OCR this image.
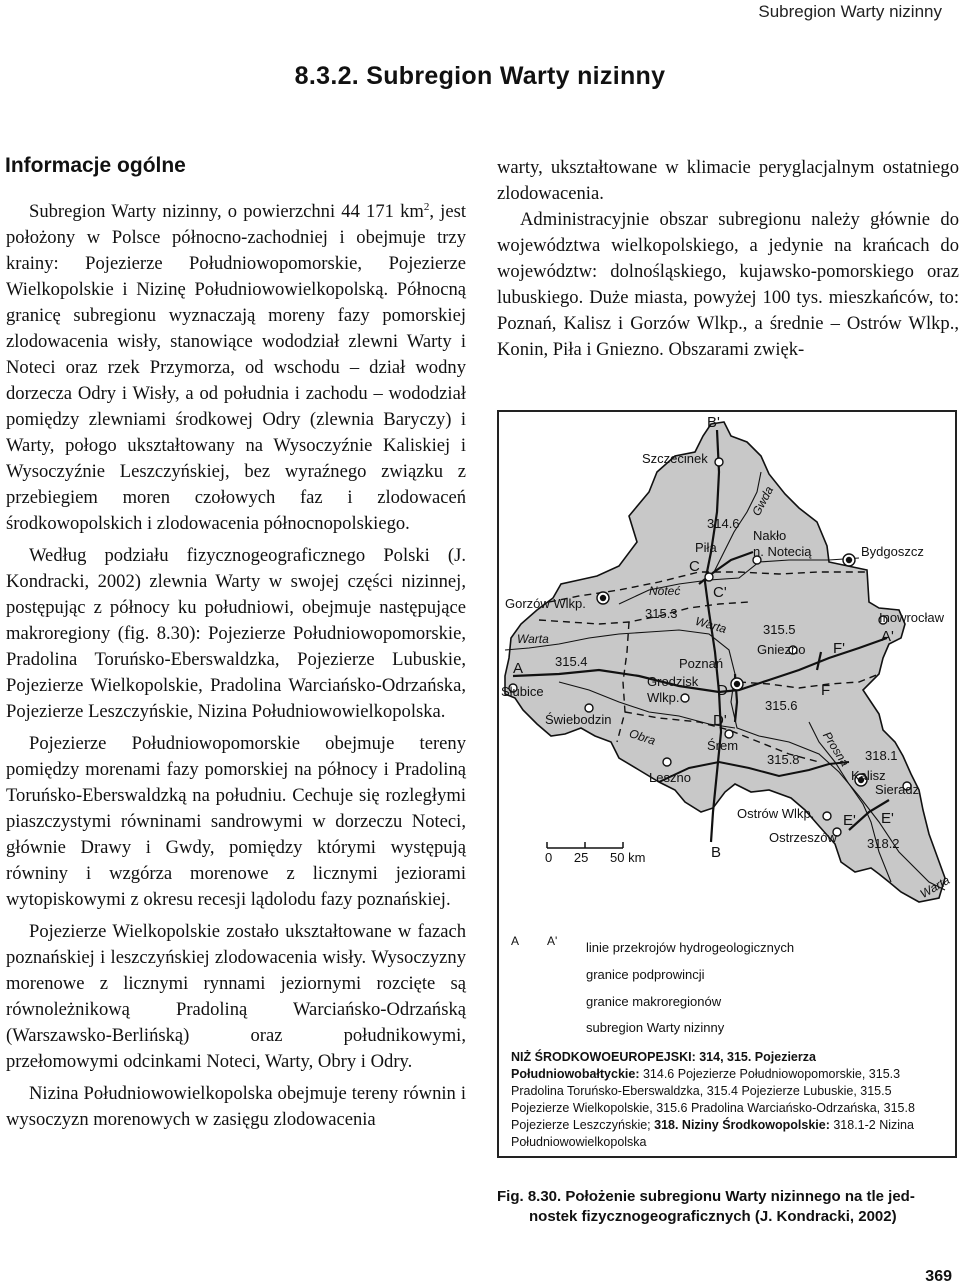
Subregion Warty nizinny
8.3.2. Subregion Warty nizinny
Informacje ogólne

Subregion Warty nizinny, o powierzchni 44 171 $km^2$, jest położony w Polsce północno-zachodniej i obejmuje trzy krainy: Pojezierze Południowopomorskie, Pojezierze Wielkopolskie i Nizinę Południowowielkopolską. Północną granicę subregionu wyznaczają moreny fazy pomorskiej zlodowacenia wisły, stanowiące wododział zlewni Warty i Noteci oraz rzek Przymorza, od wschodu – dział wodny dorzecza Odry i Wisły, a od południa i zachodu – wododział pomiędzy zlewniami środkowej Odry (zlewnia Baryczy) i Warty, połogo ukształtowany na Wysoczyźnie Kaliskiej i Wysoczyźnie Leszczyńskiej, bez wyraźnego związku z przebiegiem moren czołowych faz i zlodowaceń środkowopolskich i zlodowacenia północnopolskiego.

Według podziału fizycznogeograficznego Polski (J. Kondracki, 2002) zlewnia Warty w swojej części nizinnej, postępując z północy ku południowi, obejmuje następujące makroregiony (fig. 8.30): Pojezierze Południowopomorskie, Pradolina Toruńsko-Eberswaldzka, Pojezierze Lubuskie, Pojezierze Wielkopolskie, Pradolina Warciańsko-Odrzańska, Pojezierze Leszczyńskie, Nizina Południowowielkopolska.

Pojezierze Południowopomorskie obejmuje tereny pomiędzy morenami fazy pomorskiej na północy i Pradoliną Toruńsko-Eberswaldzką na południu. Cechuje się rozległymi piaszczystymi równinami sandrowymi w dorzeczu Noteci, głównie Drawy i Gwdy, pomiędzy którymi występują równiny i wzgórza morenowe z licznymi jeziorami wytopiskowymi z okresu recesji lądolodu fazy poznańskiej.

Pojezierze Wielkopolskie zostało ukształtowane w fazach poznańskiej i leszczyńskiej zlodowacenia wisły. Wysoczyzny morenowe z licznymi rynnami jeziornymi rozcięte są równoleżnikową Pradoliną Warciańsko-Odrzańską (Warszawsko-Berlińską) oraz południkowymi, przełomowymi odcinkami Noteci, Warty, Obry i Odry.

Nizina Południowowielkopolska obejmuje tereny równin i wysoczyzn morenowych w zasięgu zlodowacenia

warty, ukształtowane w klimacie peryglacjalnym ostatniego zlodowacenia.

Administracyjnie obszar subregionu należy głównie do województwa wielkopolskiego, a jedynie na krańcach do województw: dolnośląskiego, kujawsko-pomorskiego oraz lubuskiego. Duże miasta, powyżej 100 tys. mieszkańców, to: Poznań, Kalisz i Gorzów Wlkp., a średnie – Ostrów Wlkp., Konin, Piła i Gniezno. Obszarami zwięk-

B'
Szczecinek
Gwda
314.6
Piła
Nakło
n. Notecią	Bydgoszcz
C
C'
Noteć
Gorzów Wlkp.
315.3
Warta	Inowrocław
315.5
Gniezno F'
A'
Warta
A 315.4
Słubice
Poznań
Grodzisk
Wlkp.	D	F
315.6
Świebodzin	D'
Obra	Śrem	Prosna 318.1
315.8
Leszno	Kalisz
Sieradz
Ostrów Wlkp. E' E'
Ostrzeszów 318.2
B
0      25      50 km
Warta
A A' linie przekrojów hydrogeologicznych
granice podprowincji
granice makroregionów
subregion Warty nizinny
NIŻ ŚRODKOWOEUROPEJSKI: 314, 315. Pojezierza Południowobałtyckie: 314.6 Pojezierze Południowopomorskie, 315.3 Pradolina Toruńsko-Eberswaldzka, 315.4 Pojezierze Lubuskie, 315.5 Pojezierze Wielkopolskie, 315.6 Pradolina Warciańsko-Odrzańska, 315.8 Pojezierze Leszczyńskie; 318. Niziny Środkowopolskie: 318.1-2 Nizina Południowowielkopolska
Fig. 8.30. Położenie subregionu Warty nizinnego na tle jed-
nostek fizycznogeograficznych (J. Kondracki, 2002)
369
